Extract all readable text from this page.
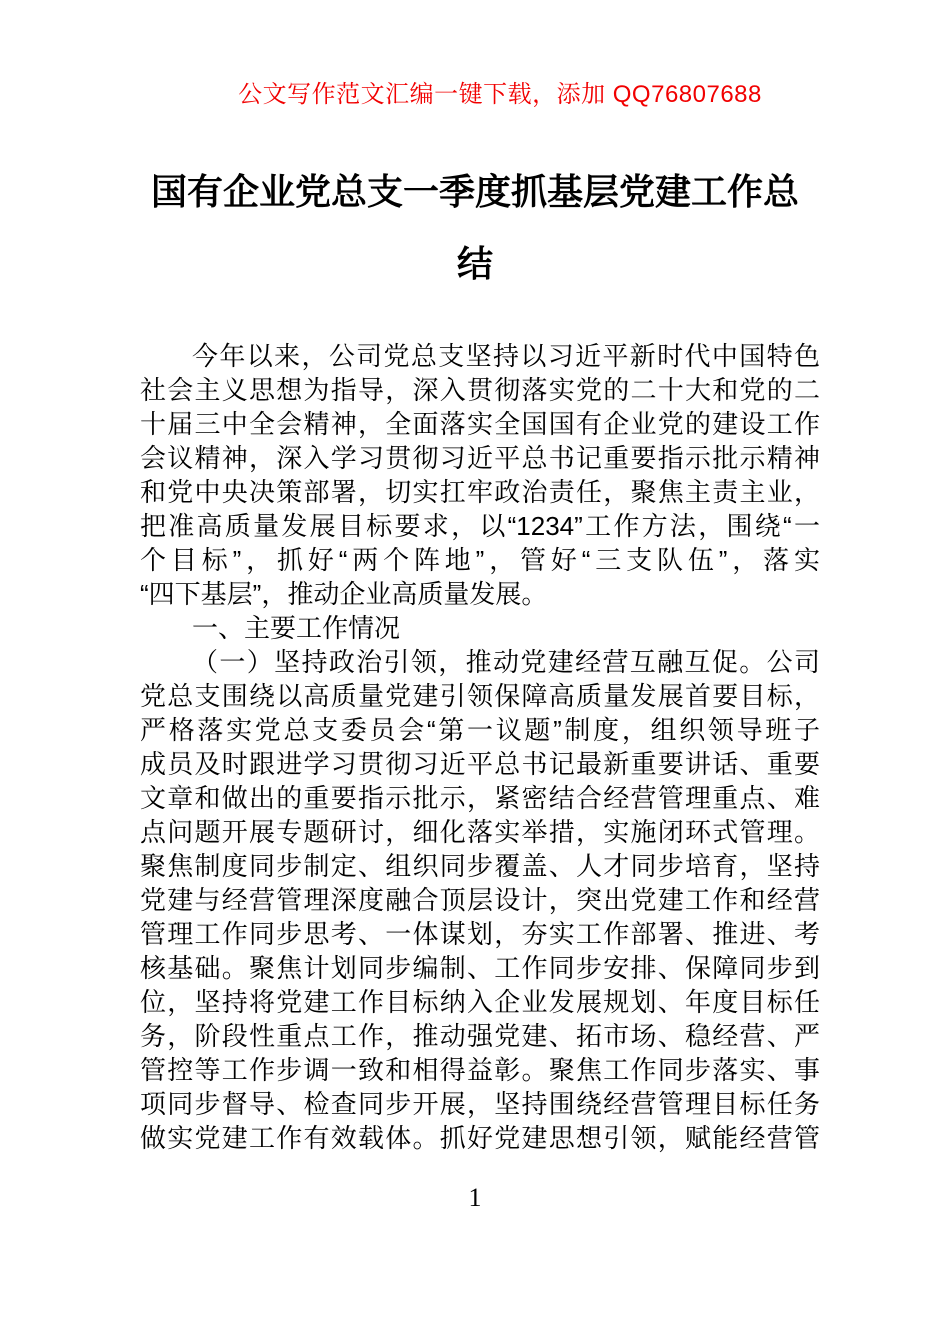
公文写作范文汇编一键下载，添加 QQ76807688
国有企业党总支一季度抓基层党建工作总
结
今年以来，公司党总支坚持以习近平新时代中国特色
社会主义思想为指导，深入贯彻落实党的二十大和党的二
十届三中全会精神，全面落实全国国有企业党的建设工作
会议精神，深入学习贯彻习近平总书记重要指示批示精神
和党中央决策部署，切实扛牢政治责任，聚焦主责主业，
把准高质量发展目标要求，以“1234”工作方法，围绕“一
个目标”，抓好“两个阵地”，管好“三支队伍”，落实
“四下基层”，推动企业高质量发展。
一、主要工作情况
（一）坚持政治引领，推动党建经营互融互促。公司
党总支围绕以高质量党建引领保障高质量发展首要目标，
严格落实党总支委员会“第一议题”制度，组织领导班子
成员及时跟进学习贯彻习近平总书记最新重要讲话、重要
文章和做出的重要指示批示，紧密结合经营管理重点、难
点问题开展专题研讨，细化落实举措，实施闭环式管理。
聚焦制度同步制定、组织同步覆盖、人才同步培育，坚持
党建与经营管理深度融合顶层设计，突出党建工作和经营
管理工作同步思考、一体谋划，夯实工作部署、推进、考
核基础。聚焦计划同步编制、工作同步安排、保障同步到
位，坚持将党建工作目标纳入企业发展规划、年度目标任
务，阶段性重点工作，推动强党建、拓市场、稳经营、严
管控等工作步调一致和相得益彰。聚焦工作同步落实、事
项同步督导、检查同步开展，坚持围绕经营管理目标任务
做实党建工作有效载体。抓好党建思想引领，赋能经营管
1
